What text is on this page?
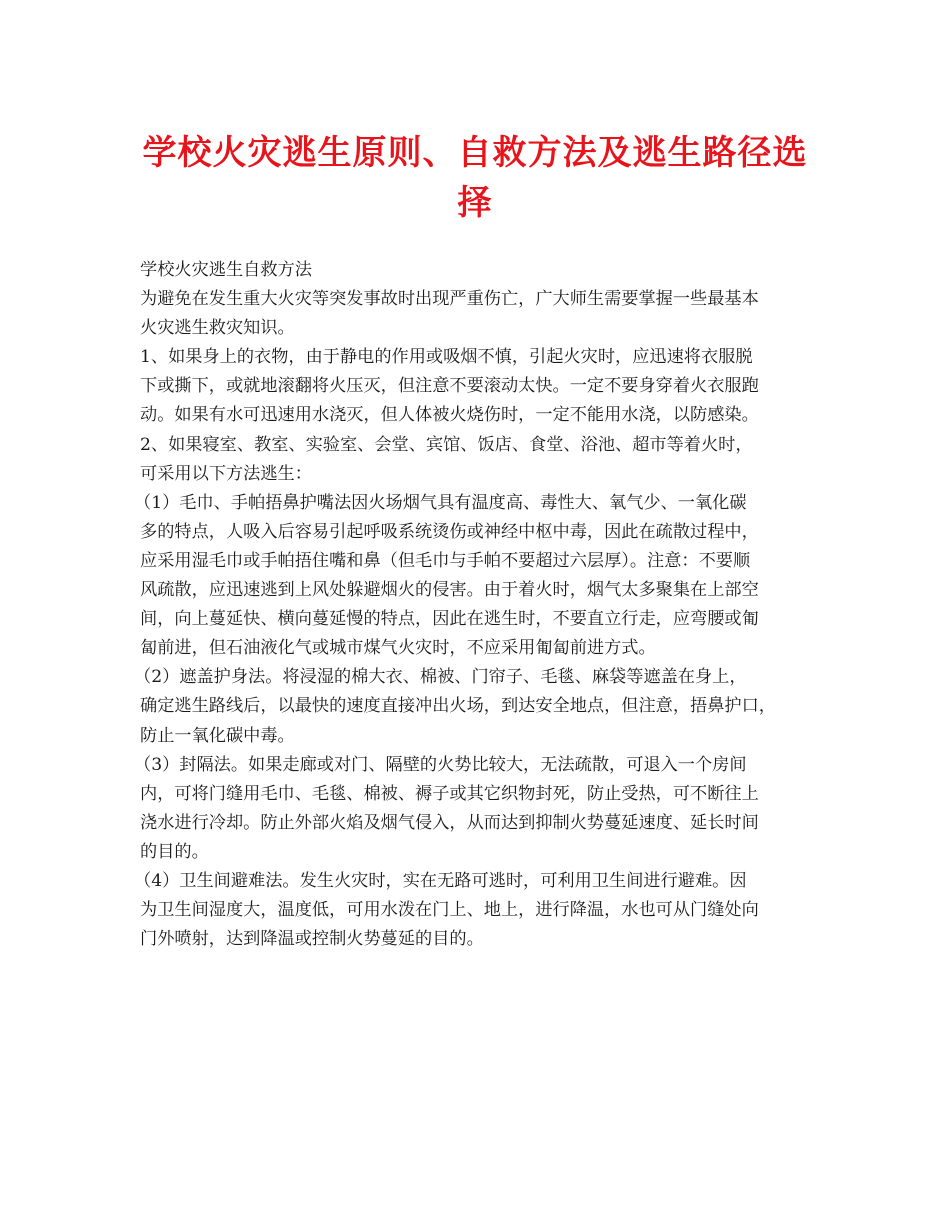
学校火灾逃生原则、自救方法及逃生路径选
择
学校火灾逃生自救方法
为避免在发生重大火灾等突发事故时出现严重伤亡，广大师生需要掌握一些最基本
火灾逃生救灾知识。
1、如果身上的衣物，由于静电的作用或吸烟不慎，引起火灾时，应迅速将衣服脱
下或撕下，或就地滚翻将火压灭，但注意不要滚动太快。一定不要身穿着火衣服跑
动。如果有水可迅速用水浇灭，但人体被火烧伤时，一定不能用水浇，以防感染。
2、如果寝室、教室、实验室、会堂、宾馆、饭店、食堂、浴池、超市等着火时，
可采用以下方法逃生：
（1）毛巾、手帕捂鼻护嘴法因火场烟气具有温度高、毒性大、氧气少、一氧化碳
多的特点，人吸入后容易引起呼吸系统烫伤或神经中枢中毒，因此在疏散过程中，
应采用湿毛巾或手帕捂住嘴和鼻（但毛巾与手帕不要超过六层厚）。注意：不要顺
风疏散，应迅速逃到上风处躲避烟火的侵害。由于着火时，烟气太多聚集在上部空
间，向上蔓延快、横向蔓延慢的特点，因此在逃生时，不要直立行走，应弯腰或匍
匐前进，但石油液化气或城市煤气火灾时，不应采用匍匐前进方式。
（2）遮盖护身法。将浸湿的棉大衣、棉被、门帘子、毛毯、麻袋等遮盖在身上，
确定逃生路线后，以最快的速度直接冲出火场，到达安全地点，但注意，捂鼻护口，
防止一氧化碳中毒。
（3）封隔法。如果走廊或对门、隔壁的火势比较大，无法疏散，可退入一个房间
内，可将门缝用毛巾、毛毯、棉被、褥子或其它织物封死，防止受热，可不断往上
浇水进行冷却。防止外部火焰及烟气侵入，从而达到抑制火势蔓延速度、延长时间
的目的。
（4）卫生间避难法。发生火灾时，实在无路可逃时，可利用卫生间进行避难。因
为卫生间湿度大，温度低，可用水泼在门上、地上，进行降温，水也可从门缝处向
门外喷射，达到降温或控制火势蔓延的目的。
